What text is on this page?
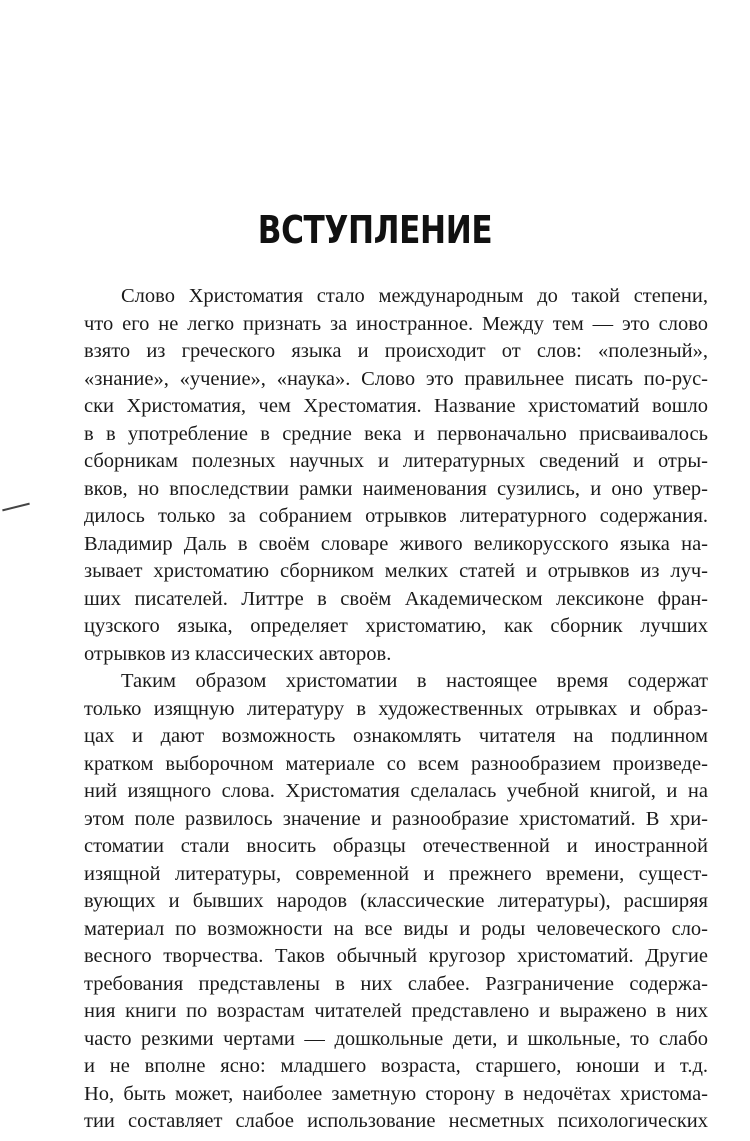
ВСТУПЛЕНИЕ
Слово Христоматия стало международным до такой степени,
что его не легко признать за иностранное. Между тем — это слово
взято из греческого языка и происходит от слов: «полезный»,
«знание», «учение», «наука». Слово это правильнее писать по-рус-
ски Христоматия, чем Хрестоматия. Название христоматий вошло
в в употребление в средние века и первоначально присваивалось
сборникам полезных научных и литературных сведений и отры-
вков, но впоследствии рамки наименования сузились, и оно утвер-
дилось только за собранием отрывков литературного содержания.
Владимир Даль в своём словаре живого великорусского языка на-
зывает христоматию сборником мелких статей и отрывков из луч-
ших писателей. Литтре в своём Академическом лексиконе фран-
цузского языка, определяет христоматию, как сборник лучших
отрывков из классических авторов.
Таким образом христоматии в настоящее время содержат
только изящную литературу в художественных отрывках и образ-
цах и дают возможность ознакомлять читателя на подлинном
кратком выборочном материале со всем разнообразием произведе-
ний изящного слова. Христоматия сделалась учебной книгой, и на
этом поле развилось значение и разнообразие христоматий. В хри-
стоматии стали вносить образцы отечественной и иностранной
изящной литературы, современной и прежнего времени, сущест-
вующих и бывших народов (классические литературы), расширяя
материал по возможности на все виды и роды человеческого сло-
весного творчества. Таков обычный кругозор христоматий. Другие
требования представлены в них слабее. Разграничение содержа-
ния книги по возрастам читателей представлено и выражено в них
часто резкими чертами — дошкольные дети, и школьные, то слабо
и не вполне ясно: младшего возраста, старшего, юноши и т.д.
Но, быть может, наиболее заметную сторону в недочётах христома-
тии составляет слабое использование несметных психологических
